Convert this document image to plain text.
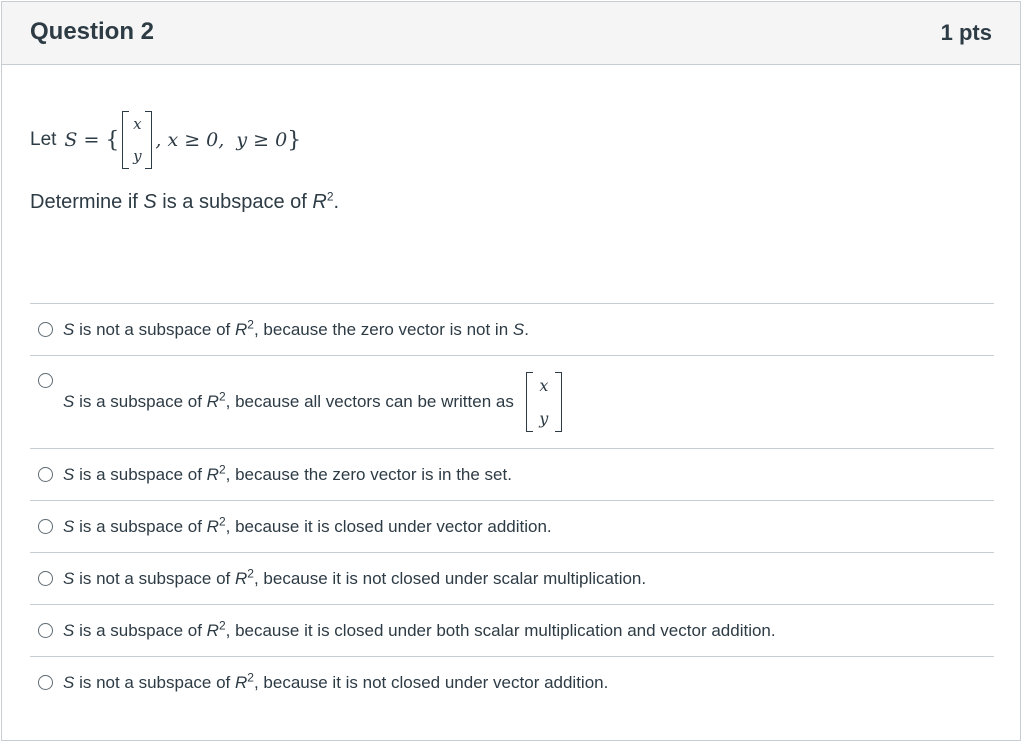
Question 2	1 pts
Let S = {
x
y
, x ≥ 0,  y ≥ 0 }
Determine if S is a subspace of $R^2$.
S is not a subspace of $R^2$, because the zero vector is not in S.
S is a subspace of $R^2$, because all vectors can be written as
x
y
S is a subspace of $R^2$, because the zero vector is in the set.
S is a subspace of $R^2$, because it is closed under vector addition.
S is not a subspace of $R^2$, because it is not closed under scalar multiplication.
S is a subspace of $R^2$, because it is closed under both scalar multiplication and vector addition.
S is not a subspace of $R^2$, because it is not closed under vector addition.
